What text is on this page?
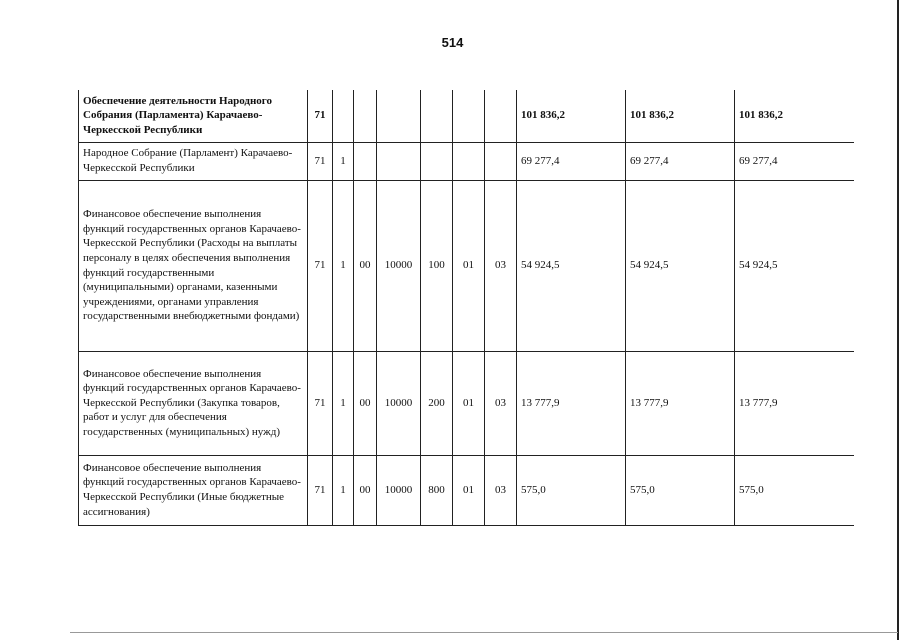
514
Обеспечение деятельности Народного Собрания (Парламента) Карачаево-Черкесской Республики	71							101 836,2	101 836,2	101 836,2
Народное Собрание (Парламент) Карачаево-Черкесской Республики	71	1						69 277,4	69 277,4	69 277,4
Финансовое обеспечение выполнения функций государственных органов Карачаево-Черкесской Республики (Расходы на выплаты персоналу в целях обеспечения выполнения функций государственными (муниципальными) органами, казенными учреждениями, органами управления государственными внебюджетными фондами)	71	1	00	10000	100	01	03	54 924,5	54 924,5	54 924,5
Финансовое обеспечение выполнения функций государственных органов Карачаево-Черкесской Республики (Закупка товаров, работ и услуг для обеспечения государственных (муниципальных) нужд)	71	1	00	10000	200	01	03	13 777,9	13 777,9	13 777,9
Финансовое обеспечение выполнения функций государственных органов Карачаево-Черкесской Республики (Иные бюджетные ассигнования)	71	1	00	10000	800	01	03	575,0	575,0	575,0
